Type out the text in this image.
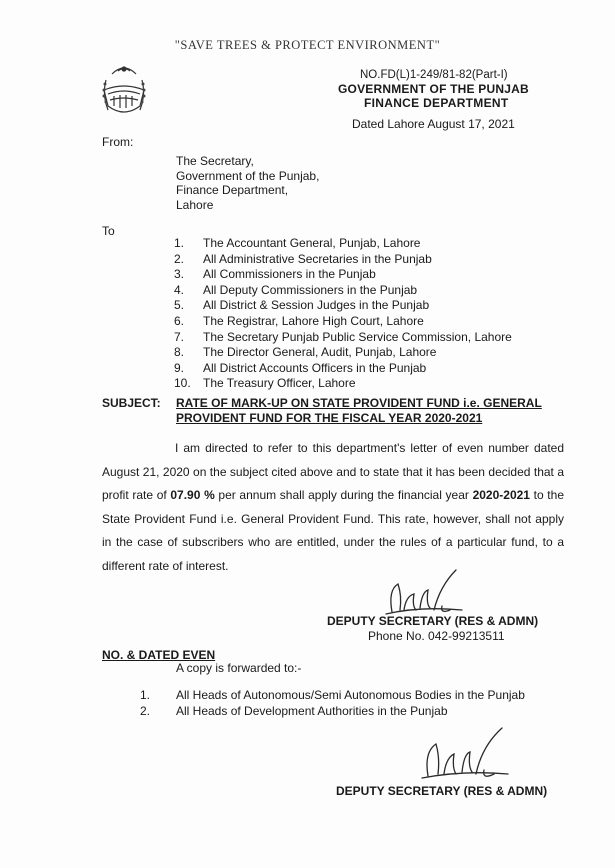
"SAVE TREES & PROTECT ENVIRONMENT"
NO.FD(L)1-249/81-82(Part-I)
GOVERNMENT OF THE PUNJAB
FINANCE DEPARTMENT
Dated Lahore August 17, 2021
From:
The Secretary,
Government of the Punjab,
Finance Department,
Lahore
To
1. The Accountant General, Punjab, Lahore
2. All Administrative Secretaries in the Punjab
3. All Commissioners in the Punjab
4. All Deputy Commissioners in the Punjab
5. All District & Session Judges in the Punjab
6. The Registrar, Lahore High Court, Lahore
7. The Secretary Punjab Public Service Commission, Lahore
8. The Director General, Audit, Punjab, Lahore
9. All District Accounts Officers in the Punjab
10. The Treasury Officer, Lahore
SUBJECT: RATE OF MARK-UP ON STATE PROVIDENT FUND i.e. GENERAL PROVIDENT FUND FOR THE FISCAL YEAR 2020-2021
I am directed to refer to this department's letter of even number dated August 21, 2020 on the subject cited above and to state that it has been decided that a profit rate of 07.90 % per annum shall apply during the financial year 2020-2021 to the State Provident Fund i.e. General Provident Fund. This rate, however, shall not apply in the case of subscribers who are entitled, under the rules of a particular fund, to a different rate of interest.
DEPUTY SECRETARY (RES & ADMN)
Phone No. 042-99213511
NO. & DATED EVEN
A copy is forwarded to:-
1. All Heads of Autonomous/Semi Autonomous Bodies in the Punjab
2. All Heads of Development Authorities in the Punjab
DEPUTY SECRETARY (RES & ADMN)
